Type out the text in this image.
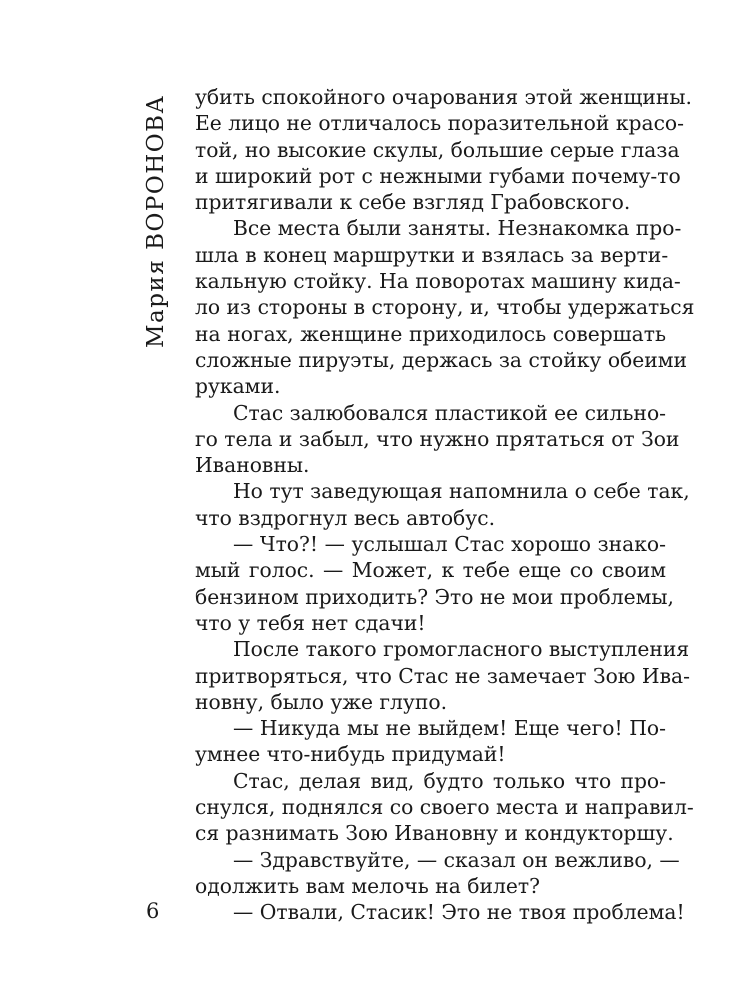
Мария ВОРОНОВА убить спокойного очарования этой женщины.
Ее лицо не отличалось поразительной красо-
той, но высокие скулы, большие серые глаза
и широкий рот с нежными губами почему-то
притягивали к себе взгляд Грабовского.
Все места были заняты. Незнакомка про-
шла в конец маршрутки и взялась за верти-
кальную стойку. На поворотах машину кида-
ло из стороны в сторону, и, чтобы удержаться
на ногах, женщине приходилось совершать
сложные пируэты, держась за стойку обеими
руками.
Стас залюбовался пластикой ее сильно-
го тела и забыл, что нужно прятаться от Зои
Ивановны.
Но тут заведующая напомнила о себе так,
что вздрогнул весь автобус.
— Что?! — услышал Стас хорошо знако-
мый голос. — Может, к тебе еще со своим
бензином приходить? Это не мои проблемы,
что у тебя нет сдачи!
После такого громогласного выступления
притворяться, что Стас не замечает Зою Ива-
новну, было уже глупо.
— Никуда мы не выйдем! Еще чего! По-
умнее что-нибудь придумай!
Стас, делая вид, будто только что про-
снулся, поднялся со своего места и направил-
ся разнимать Зою Ивановну и кондукторшу.
— Здравствуйте, — сказал он вежливо, —
одолжить вам мелочь на билет?
— Отвали, Стасик! Это не твоя проблема!
6
